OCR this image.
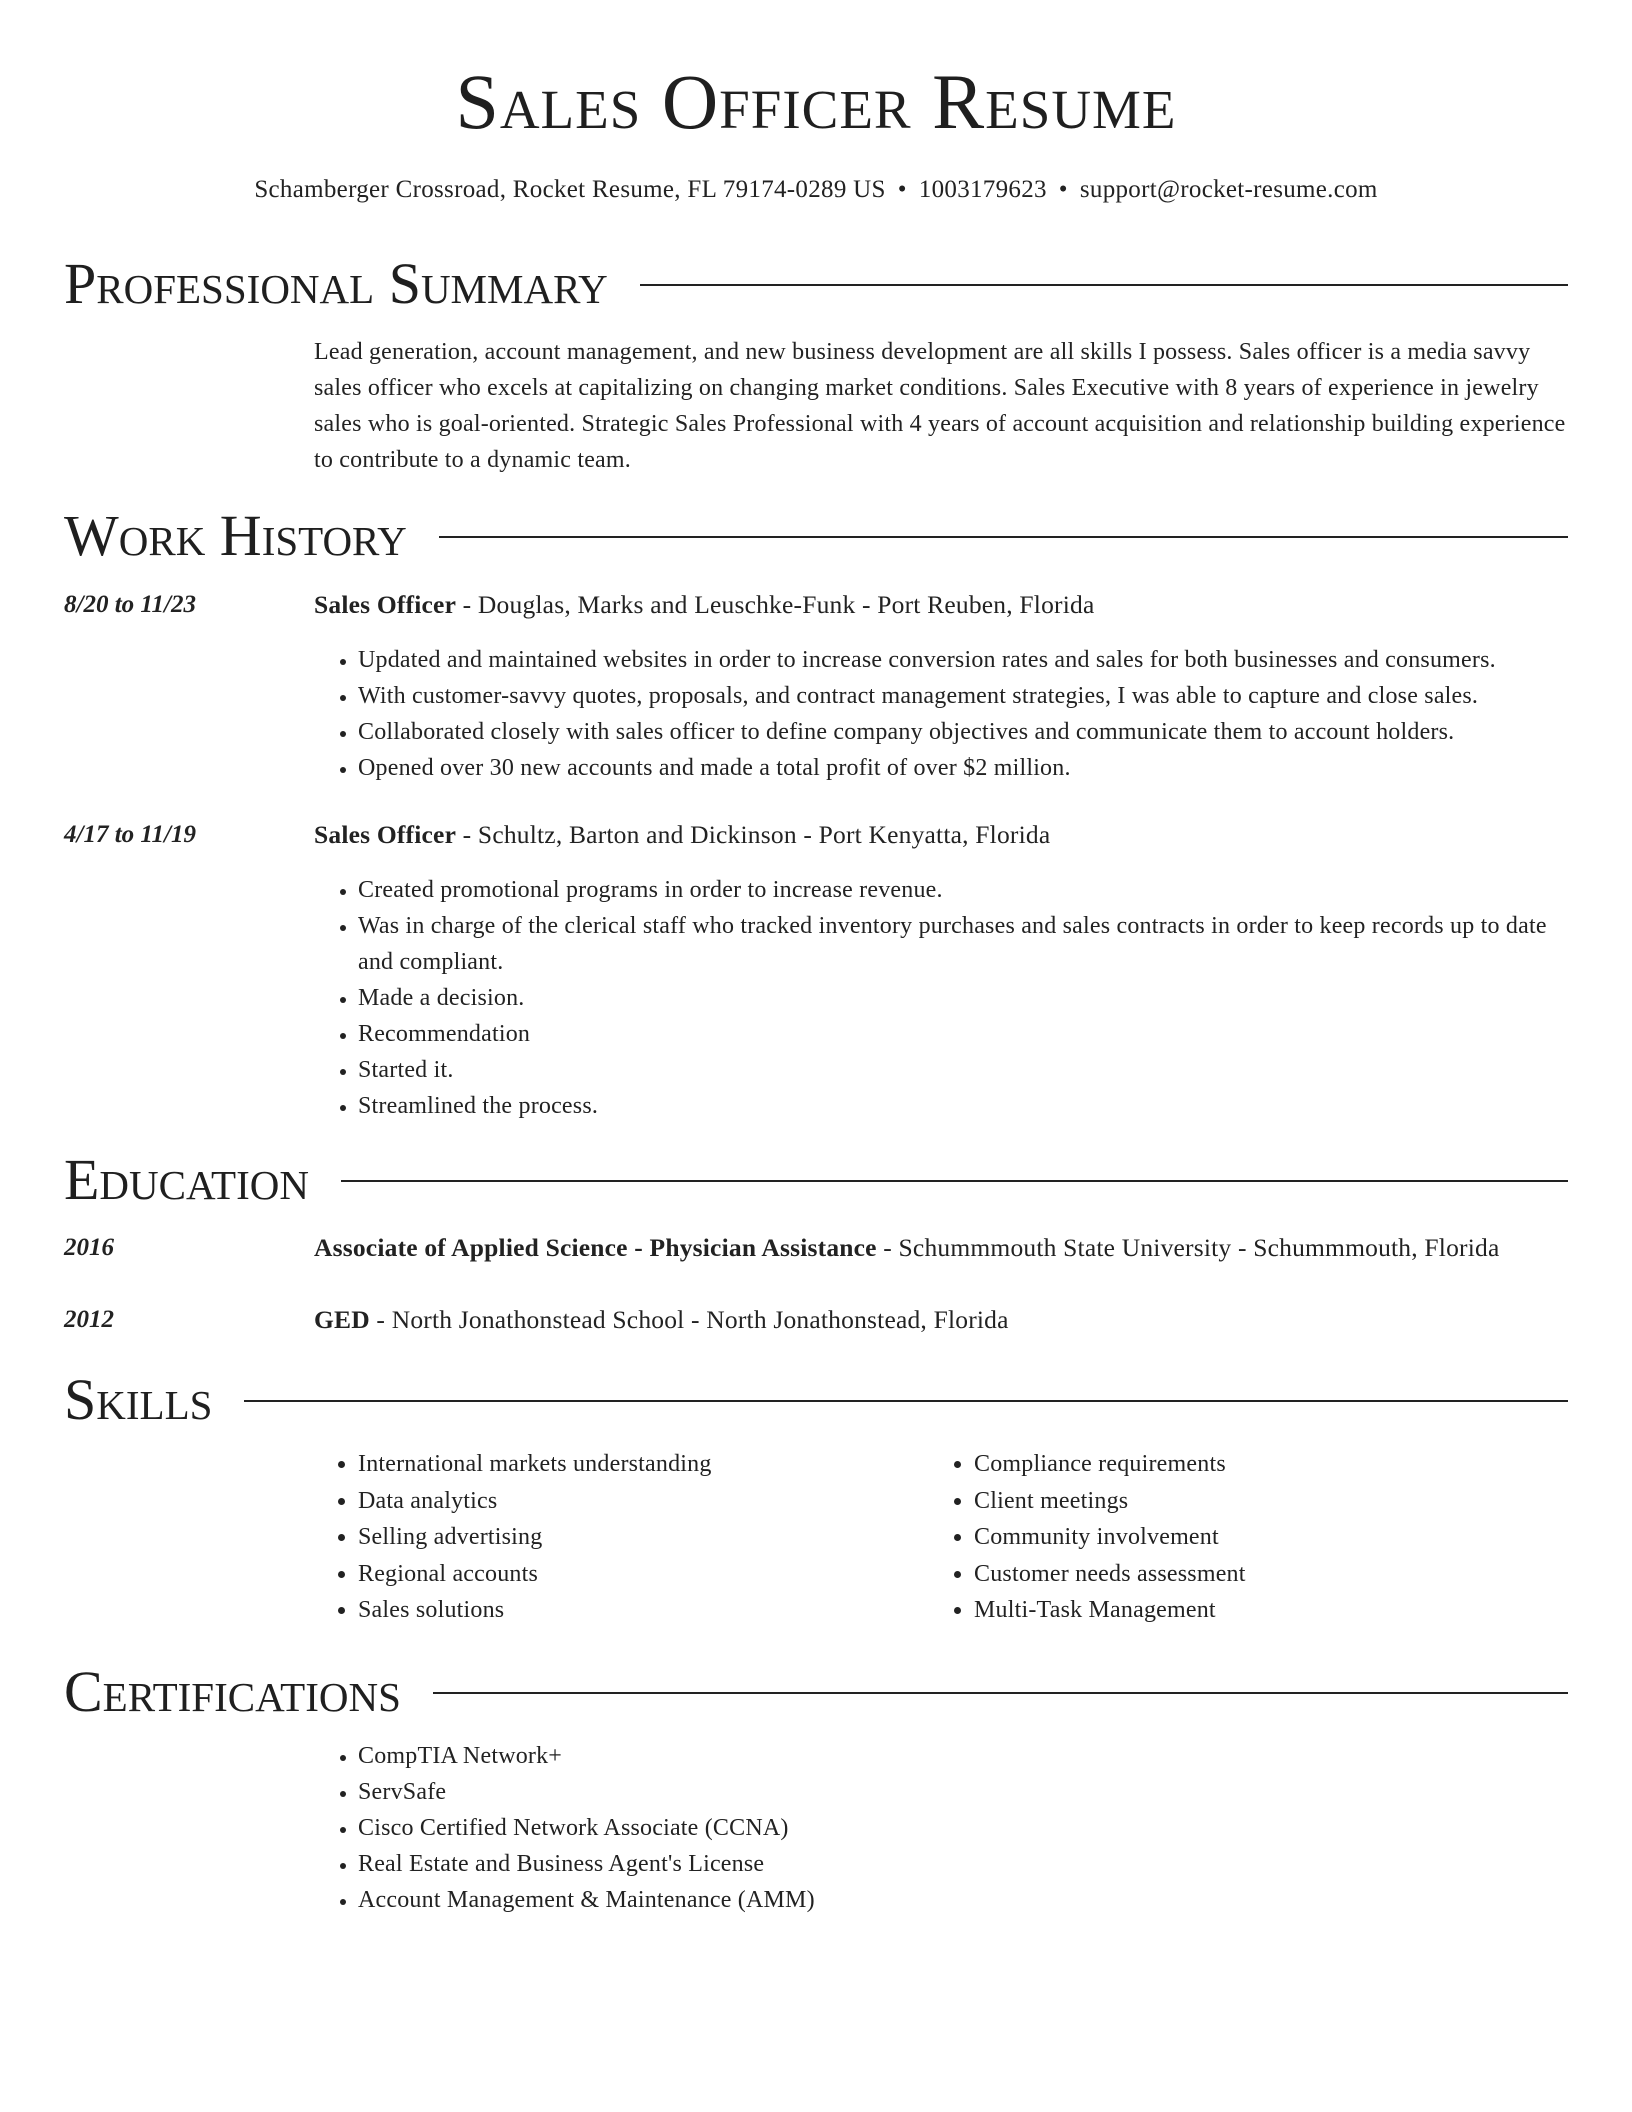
Sales Officer Resume
Schamberger Crossroad, Rocket Resume, FL 79174-0289 US • 1003179623 • support@rocket-resume.com
Professional Summary
Lead generation, account management, and new business development are all skills I possess. Sales officer is a media savvy sales officer who excels at capitalizing on changing market conditions. Sales Executive with 8 years of experience in jewelry sales who is goal-oriented. Strategic Sales Professional with 4 years of account acquisition and relationship building experience to contribute to a dynamic team.
Work History
8/20 to 11/23	Sales Officer - Douglas, Marks and Leuschke-Funk - Port Reuben, Florida
• Updated and maintained websites in order to increase conversion rates and sales for both businesses and consumers.
• With customer-savvy quotes, proposals, and contract management strategies, I was able to capture and close sales.
• Collaborated closely with sales officer to define company objectives and communicate them to account holders.
• Opened over 30 new accounts and made a total profit of over $2 million.
4/17 to 11/19	Sales Officer - Schultz, Barton and Dickinson - Port Kenyatta, Florida
• Created promotional programs in order to increase revenue.
• Was in charge of the clerical staff who tracked inventory purchases and sales contracts in order to keep records up to date and compliant.
• Made a decision.
• Recommendation
• Started it.
• Streamlined the process.
Education
2016	Associate of Applied Science - Physician Assistance - Schummmouth State University - Schummmouth, Florida
2012	GED - North Jonathonstead School - North Jonathonstead, Florida
Skills
• International markets understanding
• Data analytics
• Selling advertising
• Regional accounts
• Sales solutions
• Compliance requirements
• Client meetings
• Community involvement
• Customer needs assessment
• Multi-Task Management
Certifications
• CompTIA Network+
• ServSafe
• Cisco Certified Network Associate (CCNA)
• Real Estate and Business Agent's License
• Account Management & Maintenance (AMM)
